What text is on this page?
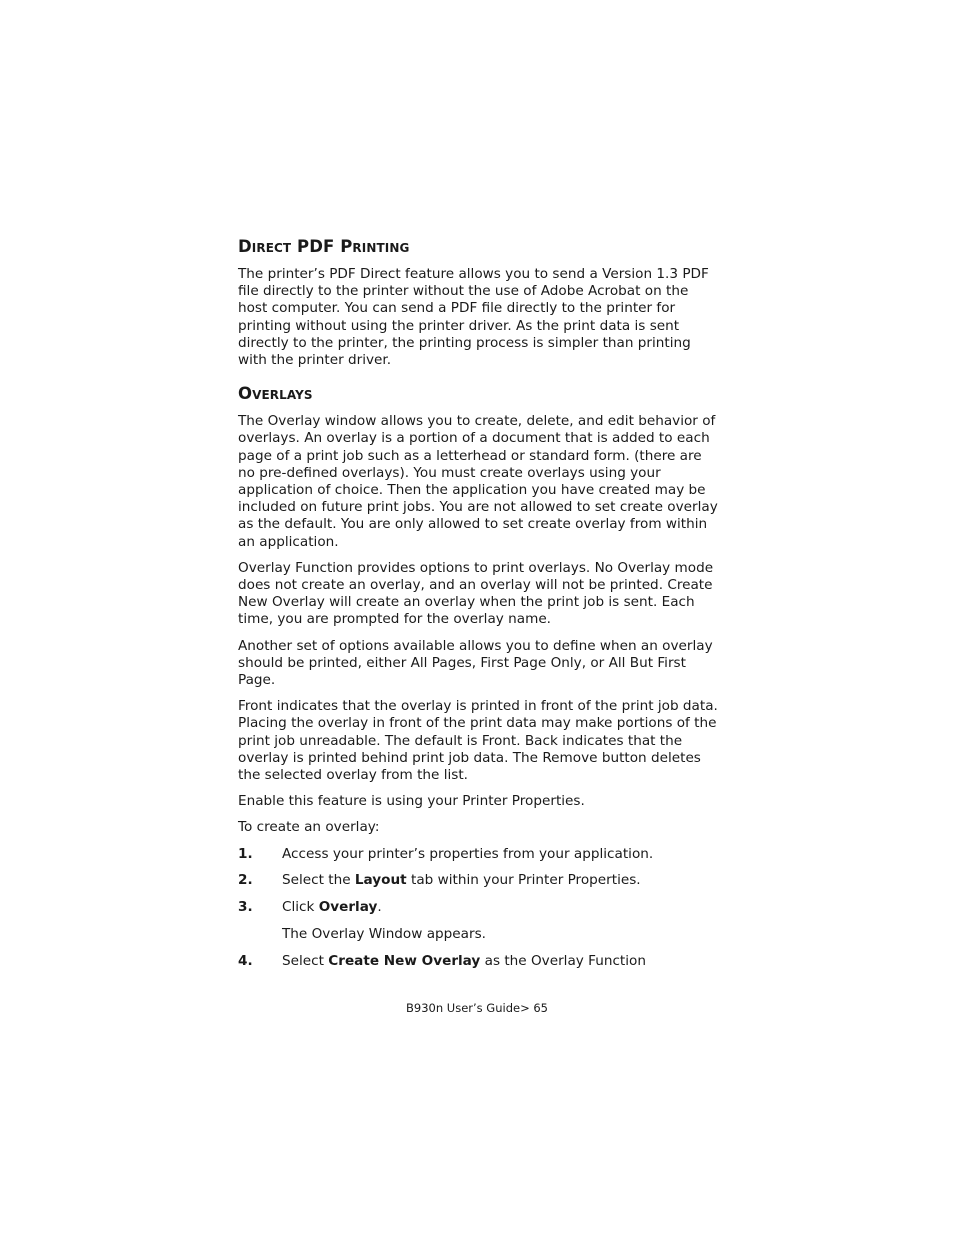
Direct PDF Printing

The printer’s PDF Direct feature allows you to send a Version 1.3 PDF file directly to the printer without the use of Adobe Acrobat on the host computer. You can send a PDF file directly to the printer for printing without using the printer driver. As the print data is sent directly to the printer, the printing process is simpler than printing with the printer driver.

Overlays

The Overlay window allows you to create, delete, and edit behavior of overlays. An overlay is a portion of a document that is added to each page of a print job such as a letterhead or standard form. (there are no pre-defined overlays). You must create overlays using your application of choice. Then the application you have created may be included on future print jobs. You are not allowed to set create overlay as the default. You are only allowed to set create overlay from within an application.

Overlay Function provides options to print overlays. No Overlay mode does not create an overlay, and an overlay will not be printed. Create New Overlay will create an overlay when the print job is sent. Each time, you are prompted for the overlay name.

Another set of options available allows you to define when an overlay should be printed, either All Pages, First Page Only, or All But First Page.

Front indicates that the overlay is printed in front of the print job data. Placing the overlay in front of the print data may make portions of the print job unreadable. The default is Front. Back indicates that the overlay is printed behind print job data. The Remove button deletes the selected overlay from the list.

Enable this feature is using your Printer Properties.

To create an overlay:

1.	Access your printer’s properties from your application.
2.	Select the Layout tab within your Printer Properties.
3.	Click Overlay.
The Overlay Window appears.
4.	Select Create New Overlay as the Overlay Function
B930n User’s Guide> 65
